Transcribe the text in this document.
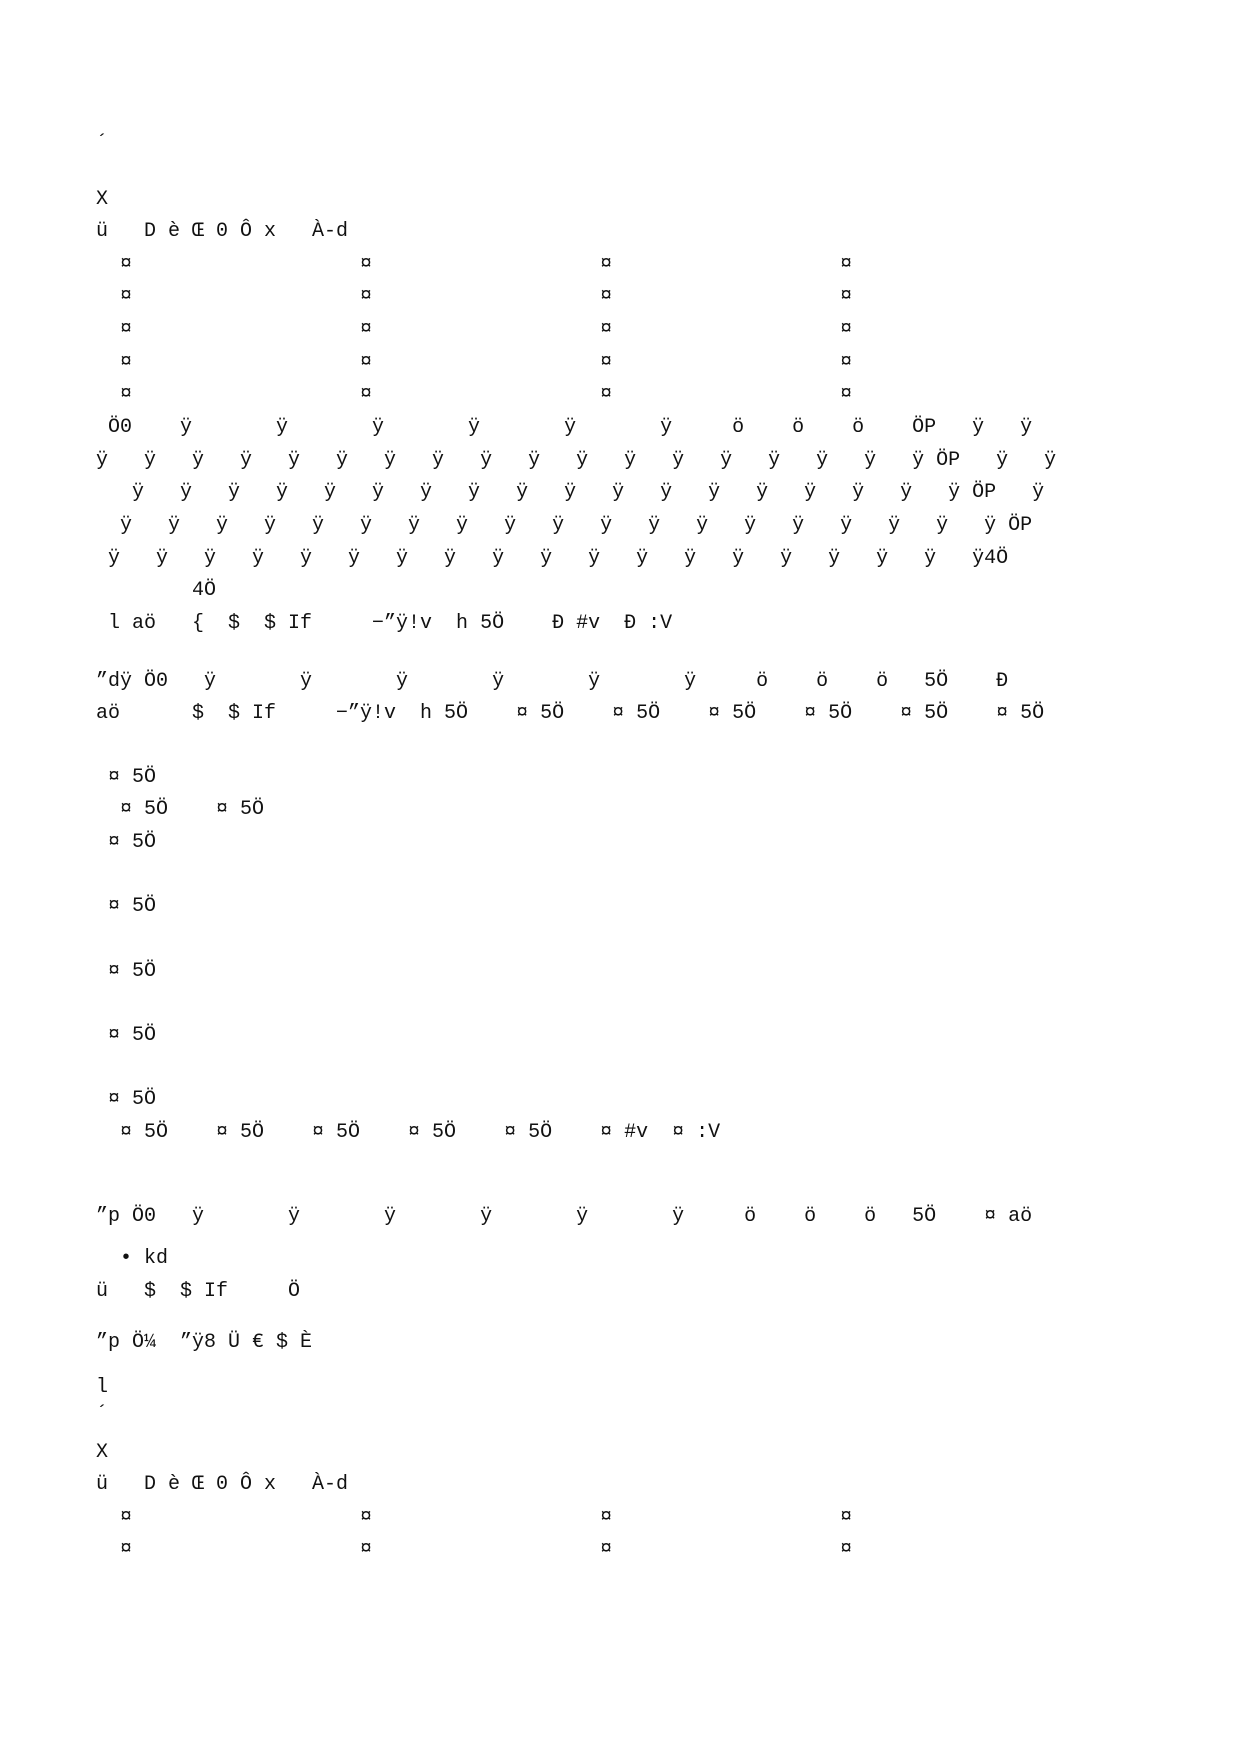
´
X
ü   D è Œ 0 Ô x   À-d
¤                   ¤                   ¤                   ¤
¤                   ¤                   ¤                   ¤
¤                   ¤                   ¤                   ¤
¤                   ¤                   ¤                   ¤
¤                   ¤                   ¤                   ¤
Ö0    ÿ       ÿ       ÿ       ÿ       ÿ       ÿ     ö    ö    ö    ÖP   ÿ   ÿ
ÿ   ÿ   ÿ   ÿ   ÿ   ÿ   ÿ   ÿ   ÿ   ÿ   ÿ   ÿ   ÿ   ÿ   ÿ   ÿ   ÿ   ÿ ÖP   ÿ   ÿ
ÿ   ÿ   ÿ   ÿ   ÿ   ÿ   ÿ   ÿ   ÿ   ÿ   ÿ   ÿ   ÿ   ÿ   ÿ   ÿ   ÿ   ÿ ÖP   ÿ
ÿ   ÿ   ÿ   ÿ   ÿ   ÿ   ÿ   ÿ   ÿ   ÿ   ÿ   ÿ   ÿ   ÿ   ÿ   ÿ   ÿ   ÿ   ÿ ÖP
ÿ   ÿ   ÿ   ÿ   ÿ   ÿ   ÿ   ÿ   ÿ   ÿ   ÿ   ÿ   ÿ   ÿ   ÿ   ÿ   ÿ   ÿ   ÿ4Ö
4Ö
l aö   {  $  $ If     −”ÿ!v  h 5Ö    Ð #v  Ð :V
”dÿ Ö0   ÿ       ÿ       ÿ       ÿ       ÿ       ÿ     ö    ö    ö   5Ö    Ð
aö      $  $ If     −”ÿ!v  h 5Ö    ¤ 5Ö    ¤ 5Ö    ¤ 5Ö    ¤ 5Ö    ¤ 5Ö    ¤ 5Ö
¤ 5Ö
¤ 5Ö    ¤ 5Ö
¤ 5Ö
¤ 5Ö
¤ 5Ö
¤ 5Ö
¤ 5Ö
¤ 5Ö    ¤ 5Ö    ¤ 5Ö    ¤ 5Ö    ¤ 5Ö    ¤ #v  ¤ :V
”p Ö0   ÿ       ÿ       ÿ       ÿ       ÿ       ÿ     ö    ö    ö   5Ö    ¤ aö
• kd
ü   $  $ If     Ö
”p Ö¼  ”ÿ8 Ü € $ È
l
´
X
ü   D è Œ 0 Ô x   À-d
¤                   ¤                   ¤                   ¤
¤                   ¤                   ¤                   ¤
